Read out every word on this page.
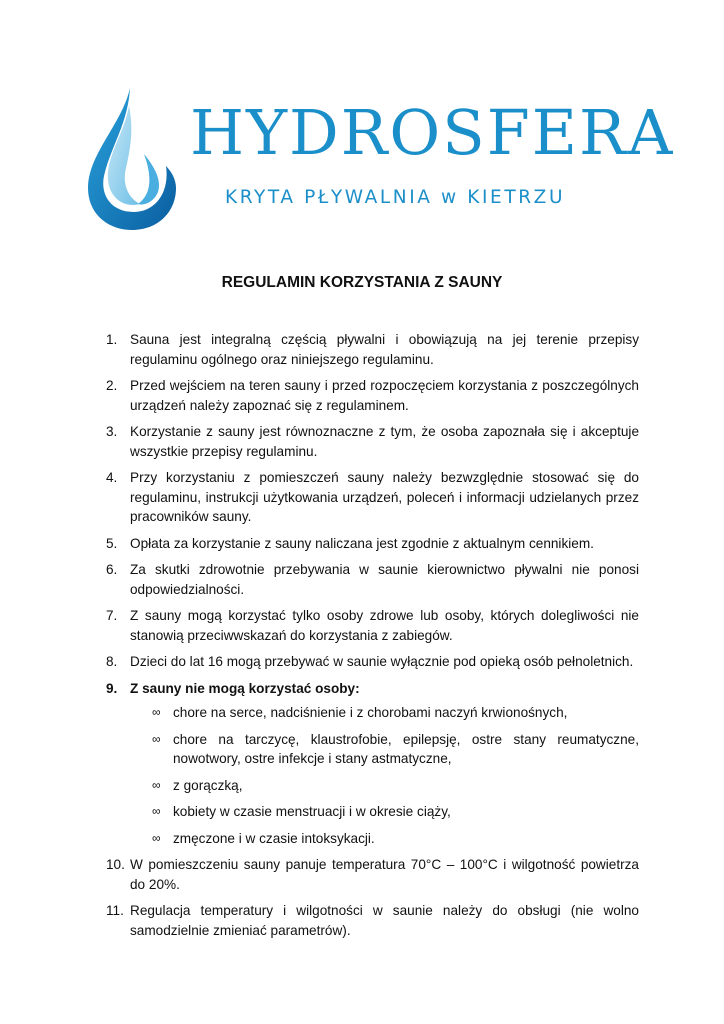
HYDROSFERA
KRYTA PŁYWALNIA w KIETRZU
REGULAMIN KORZYSTANIA Z SAUNY
1. Sauna jest integralną częścią pływalni i obowiązują na jej terenie przepisy regulaminu ogólnego oraz niniejszego regulaminu.
2. Przed wejściem na teren sauny i przed rozpoczęciem korzystania z poszczególnych urządzeń należy zapoznać się z regulaminem.
3. Korzystanie z sauny jest równoznaczne z tym, że osoba zapoznała się i akceptuje wszystkie przepisy regulaminu.
4. Przy korzystaniu z pomieszczeń sauny należy bezwzględnie stosować się do regulaminu, instrukcji użytkowania urządzeń, poleceń i informacji udzielanych przez pracowników sauny.
5. Opłata za korzystanie z sauny naliczana jest zgodnie z aktualnym cennikiem.
6. Za skutki zdrowotnie przebywania w saunie kierownictwo pływalni nie ponosi odpowiedzialności.
7. Z sauny mogą korzystać tylko osoby zdrowe lub osoby, których dolegliwości nie stanowią przeciwwskazań do korzystania z zabiegów.
8. Dzieci do lat 16 mogą przebywać w saunie wyłącznie pod opieką osób pełnoletnich.
9. Z sauny nie mogą korzystać osoby:
∞ chore na serce, nadciśnienie i z chorobami naczyń krwionośnych,
∞ chore na tarczycę, klaustrofobie, epilepsję, ostre stany reumatyczne, nowotwory, ostre infekcje i stany astmatyczne,
∞ z gorączką,
∞ kobiety w czasie menstruacji i w okresie ciąży,
∞ zmęczone i w czasie intoksykacji.
10. W pomieszczeniu sauny panuje temperatura 70°C – 100°C i wilgotność powietrza do 20%.
11. Regulacja temperatury i wilgotności w saunie należy do obsługi (nie wolno samodzielnie zmieniać parametrów).
